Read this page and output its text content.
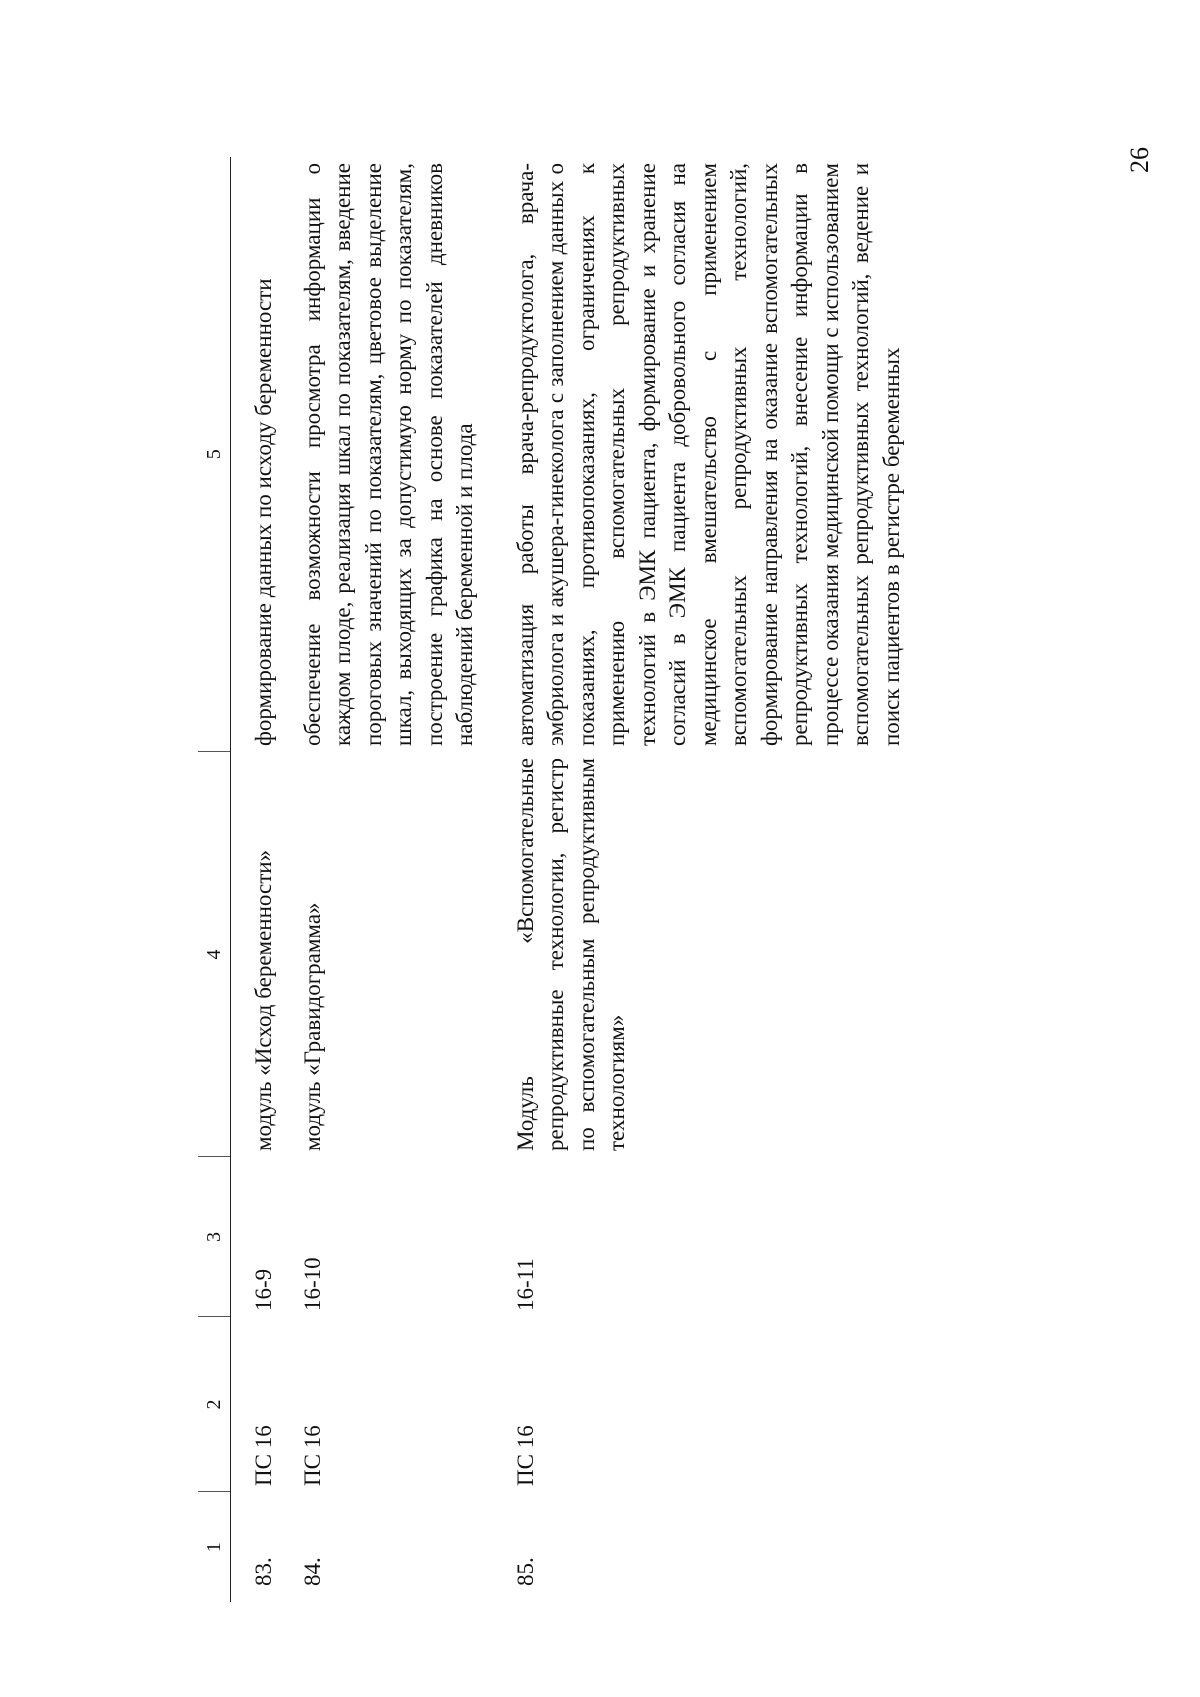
26
1	2	3	4	5
83.	ПС 16	16-9	модуль «Исход беременности»	формирование данных по исходу беременности
84.	ПС 16	16-10	модуль «Гравидограмма»	обеспечение возможности просмотра информации о каждом плоде, реализация шкал по показателям, введение пороговых значений по показателям, цветовое выделение шкал, выходящих за допустимую норму по показателям, построение графика на основе показателей дневников наблюдений беременной и плода
85.	ПС 16	16-11	Модуль «Вспомогательные репродуктивные технологии, регистр по вспомогательным репродуктивным технологиям»	автоматизация работы врача-репродуктолога, врача-эмбриолога и акушера-гинеколога с заполнением данных о показаниях, противопоказаниях, ограничениях к применению вспомогательных репродуктивных технологий в ЭМК пациента, формирование и хранение согласий в ЭМК пациента добровольного согласия на медицинское вмешательство с применением вспомогательных репродуктивных технологий, формирование направления на оказание вспомогательных репродуктивных технологий, внесение информации в процессе оказания медицинской помощи с использованием вспомогательных репродуктивных технологий, ведение и поиск пациентов в регистре беременных
